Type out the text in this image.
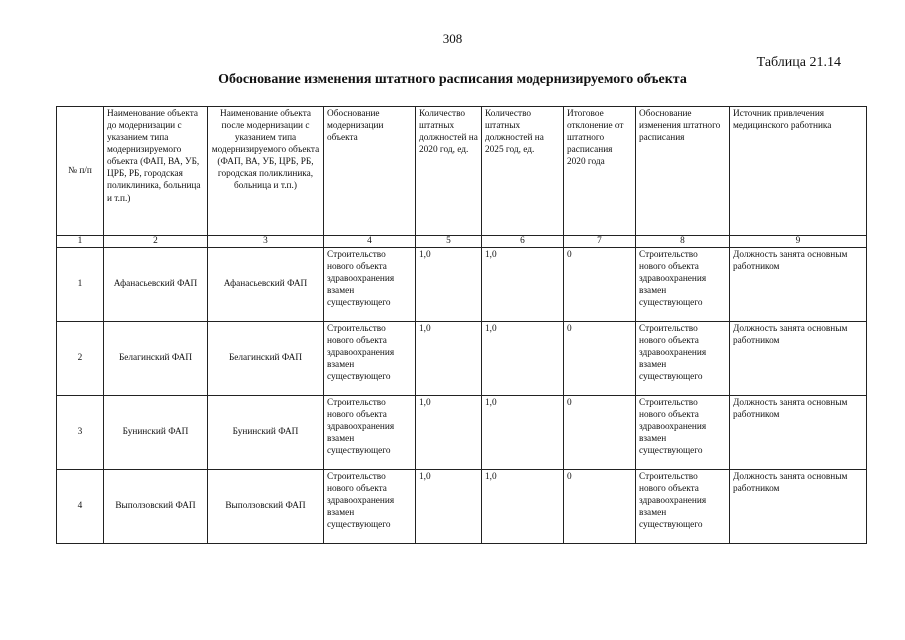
308
Таблица 21.14
Обоснование изменения штатного расписания модернизируемого объекта
№ п/п	Наименование объекта до модернизации с указанием типа модернизируемого объекта (ФАП, ВА, УБ, ЦРБ, РБ, городская поликлиника, больница и т.п.)	Наименование объекта после модернизации с указанием типа модернизируемого объекта (ФАП, ВА, УБ, ЦРБ, РБ, городская поликлиника, больница и т.п.)	Обоснование модернизации объекта	Количество штатных должностей на 2020 год, ед.	Количество штатных должностей на 2025 год, ед.	Итоговое отклонение от штатного расписания 2020 года	Обоснование изменения штатного расписания	Источник привлечения медицинского работника
1	2	3	4	5	6	7	8	9
1	Афанасьевский ФАП	Афанасьевский ФАП	Строительство нового объекта здравоохранения взамен существующего	1,0	1,0	0	Строительство нового объекта здравоохранения взамен существующего	Должность занята основным работником
2	Белагинский ФАП	Белагинский ФАП	Строительство нового объекта здравоохранения взамен существующего	1,0	1,0	0	Строительство нового объекта здравоохранения взамен существующего	Должность занята основным работником
3	Бунинский ФАП	Бунинский ФАП	Строительство нового объекта здравоохранения взамен существующего	1,0	1,0	0	Строительство нового объекта здравоохранения взамен существующего	Должность занята основным работником
4	Выползовский ФАП	Выползовский ФАП	Строительство нового объекта здравоохранения взамен существующего	1,0	1,0	0	Строительство нового объекта здравоохранения взамен существующего	Должность занята основным работником
